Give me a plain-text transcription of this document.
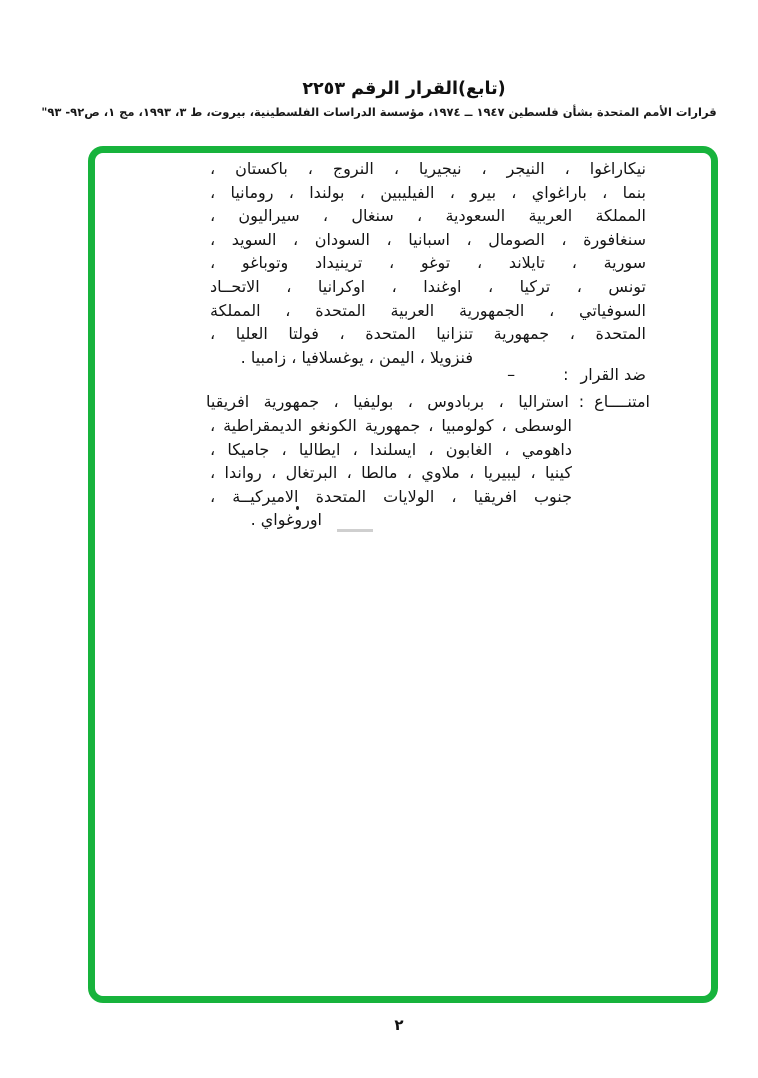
(تابع)القرار الرقم ٢٢٥٣
قرارات الأمم المتحدة بشأن فلسطين ١٩٤٧ ــ ١٩٧٤، مؤسسة الدراسات الفلسطينية، بيروت، ط ٣، ١٩٩٣، مج ١، ص٩٢- ٩٣"
نيكاراغوا ، النيجر ، نيجيريا ، النروج ، باكستان ،
بنما ، باراغواي ، بيرو ، الفيليبين ، بولندا ، رومانيا ،
المملكة العربية السعودية ، سنغال ، سيراليون ،
سنغافورة ، الصومال ، اسبانيا ، السودان ، السويد ،
سورية ، تايلاند ، توغو ، ترينيداد وتوباغو ،
تونس ، تركيا ، اوغندا ، اوكرانيا ، الاتحــاد
السوفياتي ، الجمهورية العربية المتحدة ، المملكة
المتحدة ، جمهورية تنزانيا المتحدة ، فولتا العليا ،
فنزويلا ، اليمن ، يوغسلافيا ، زامبيا .
ضد القرار
:
–
امتنــــاع
:
استراليا ، بربادوس ، بوليفيا ، جمهورية افريقيا
الوسطى ، كولومبيا ، جمهورية الكونغو الديمقراطية ،
داهومي ، الغابون ، ايسلندا ، ايطاليا ، جاميكا ،
كينيا ، ليبيريا ، ملاوي ، مالطا ، البرتغال ، رواندا ،
جنوب افريقيا ، الولايات المتحدة الاميركيــة ،
اوروغواي .
٢
